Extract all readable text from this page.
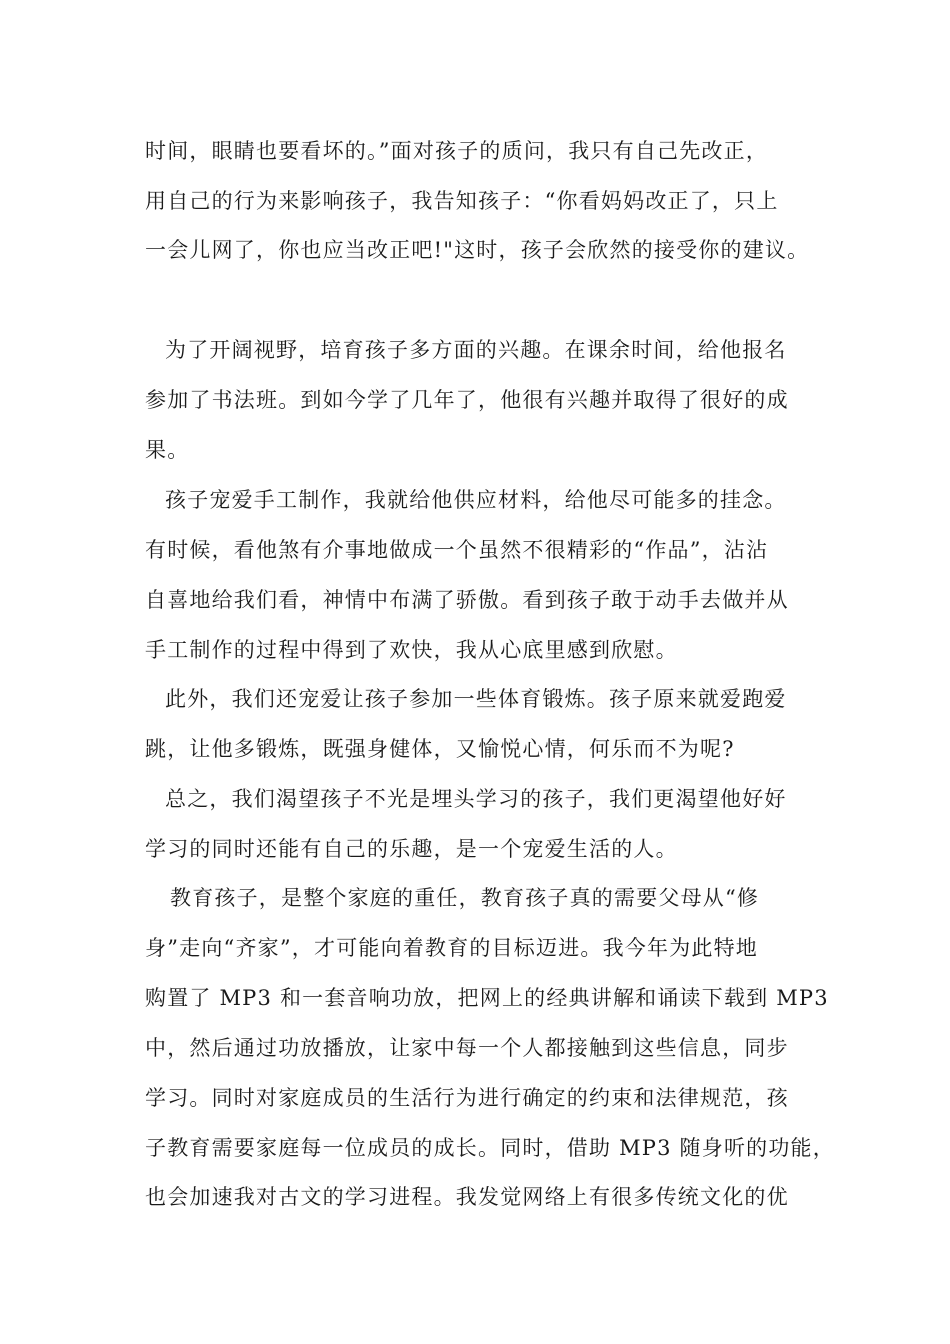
时间，眼睛也要看坏的。”面对孩子的质问，我只有自己先改正，
用自己的行为来影响孩子，我告知孩子：“你看妈妈改正了，只上
一会儿网了，你也应当改正吧!"这时，孩子会欣然的接受你的建议。
为了开阔视野，培育孩子多方面的兴趣。在课余时间，给他报名
参加了书法班。到如今学了几年了，他很有兴趣并取得了很好的成
果。
孩子宠爱手工制作，我就给他供应材料，给他尽可能多的挂念。
有时候，看他煞有介事地做成一个虽然不很精彩的“作品”，沾沾
自喜地给我们看，神情中布满了骄傲。看到孩子敢于动手去做并从
手工制作的过程中得到了欢快，我从心底里感到欣慰。
此外，我们还宠爱让孩子参加一些体育锻炼。孩子原来就爱跑爱
跳，让他多锻炼，既强身健体，又愉悦心情，何乐而不为呢?
总之，我们渴望孩子不光是埋头学习的孩子，我们更渴望他好好
学习的同时还能有自己的乐趣，是一个宠爱生活的人。
教育孩子，是整个家庭的重任，教育孩子真的需要父母从“修
身”走向“齐家”，才可能向着教育的目标迈进。我今年为此特地
购置了 MP3 和一套音响功放，把网上的经典讲解和诵读下载到 MP3
中，然后通过功放播放，让家中每一个人都接触到这些信息，同步
学习。同时对家庭成员的生活行为进行确定的约束和法律规范，孩
子教育需要家庭每一位成员的成长。同时，借助 MP3 随身听的功能，
也会加速我对古文的学习进程。我发觉网络上有很多传统文化的优
